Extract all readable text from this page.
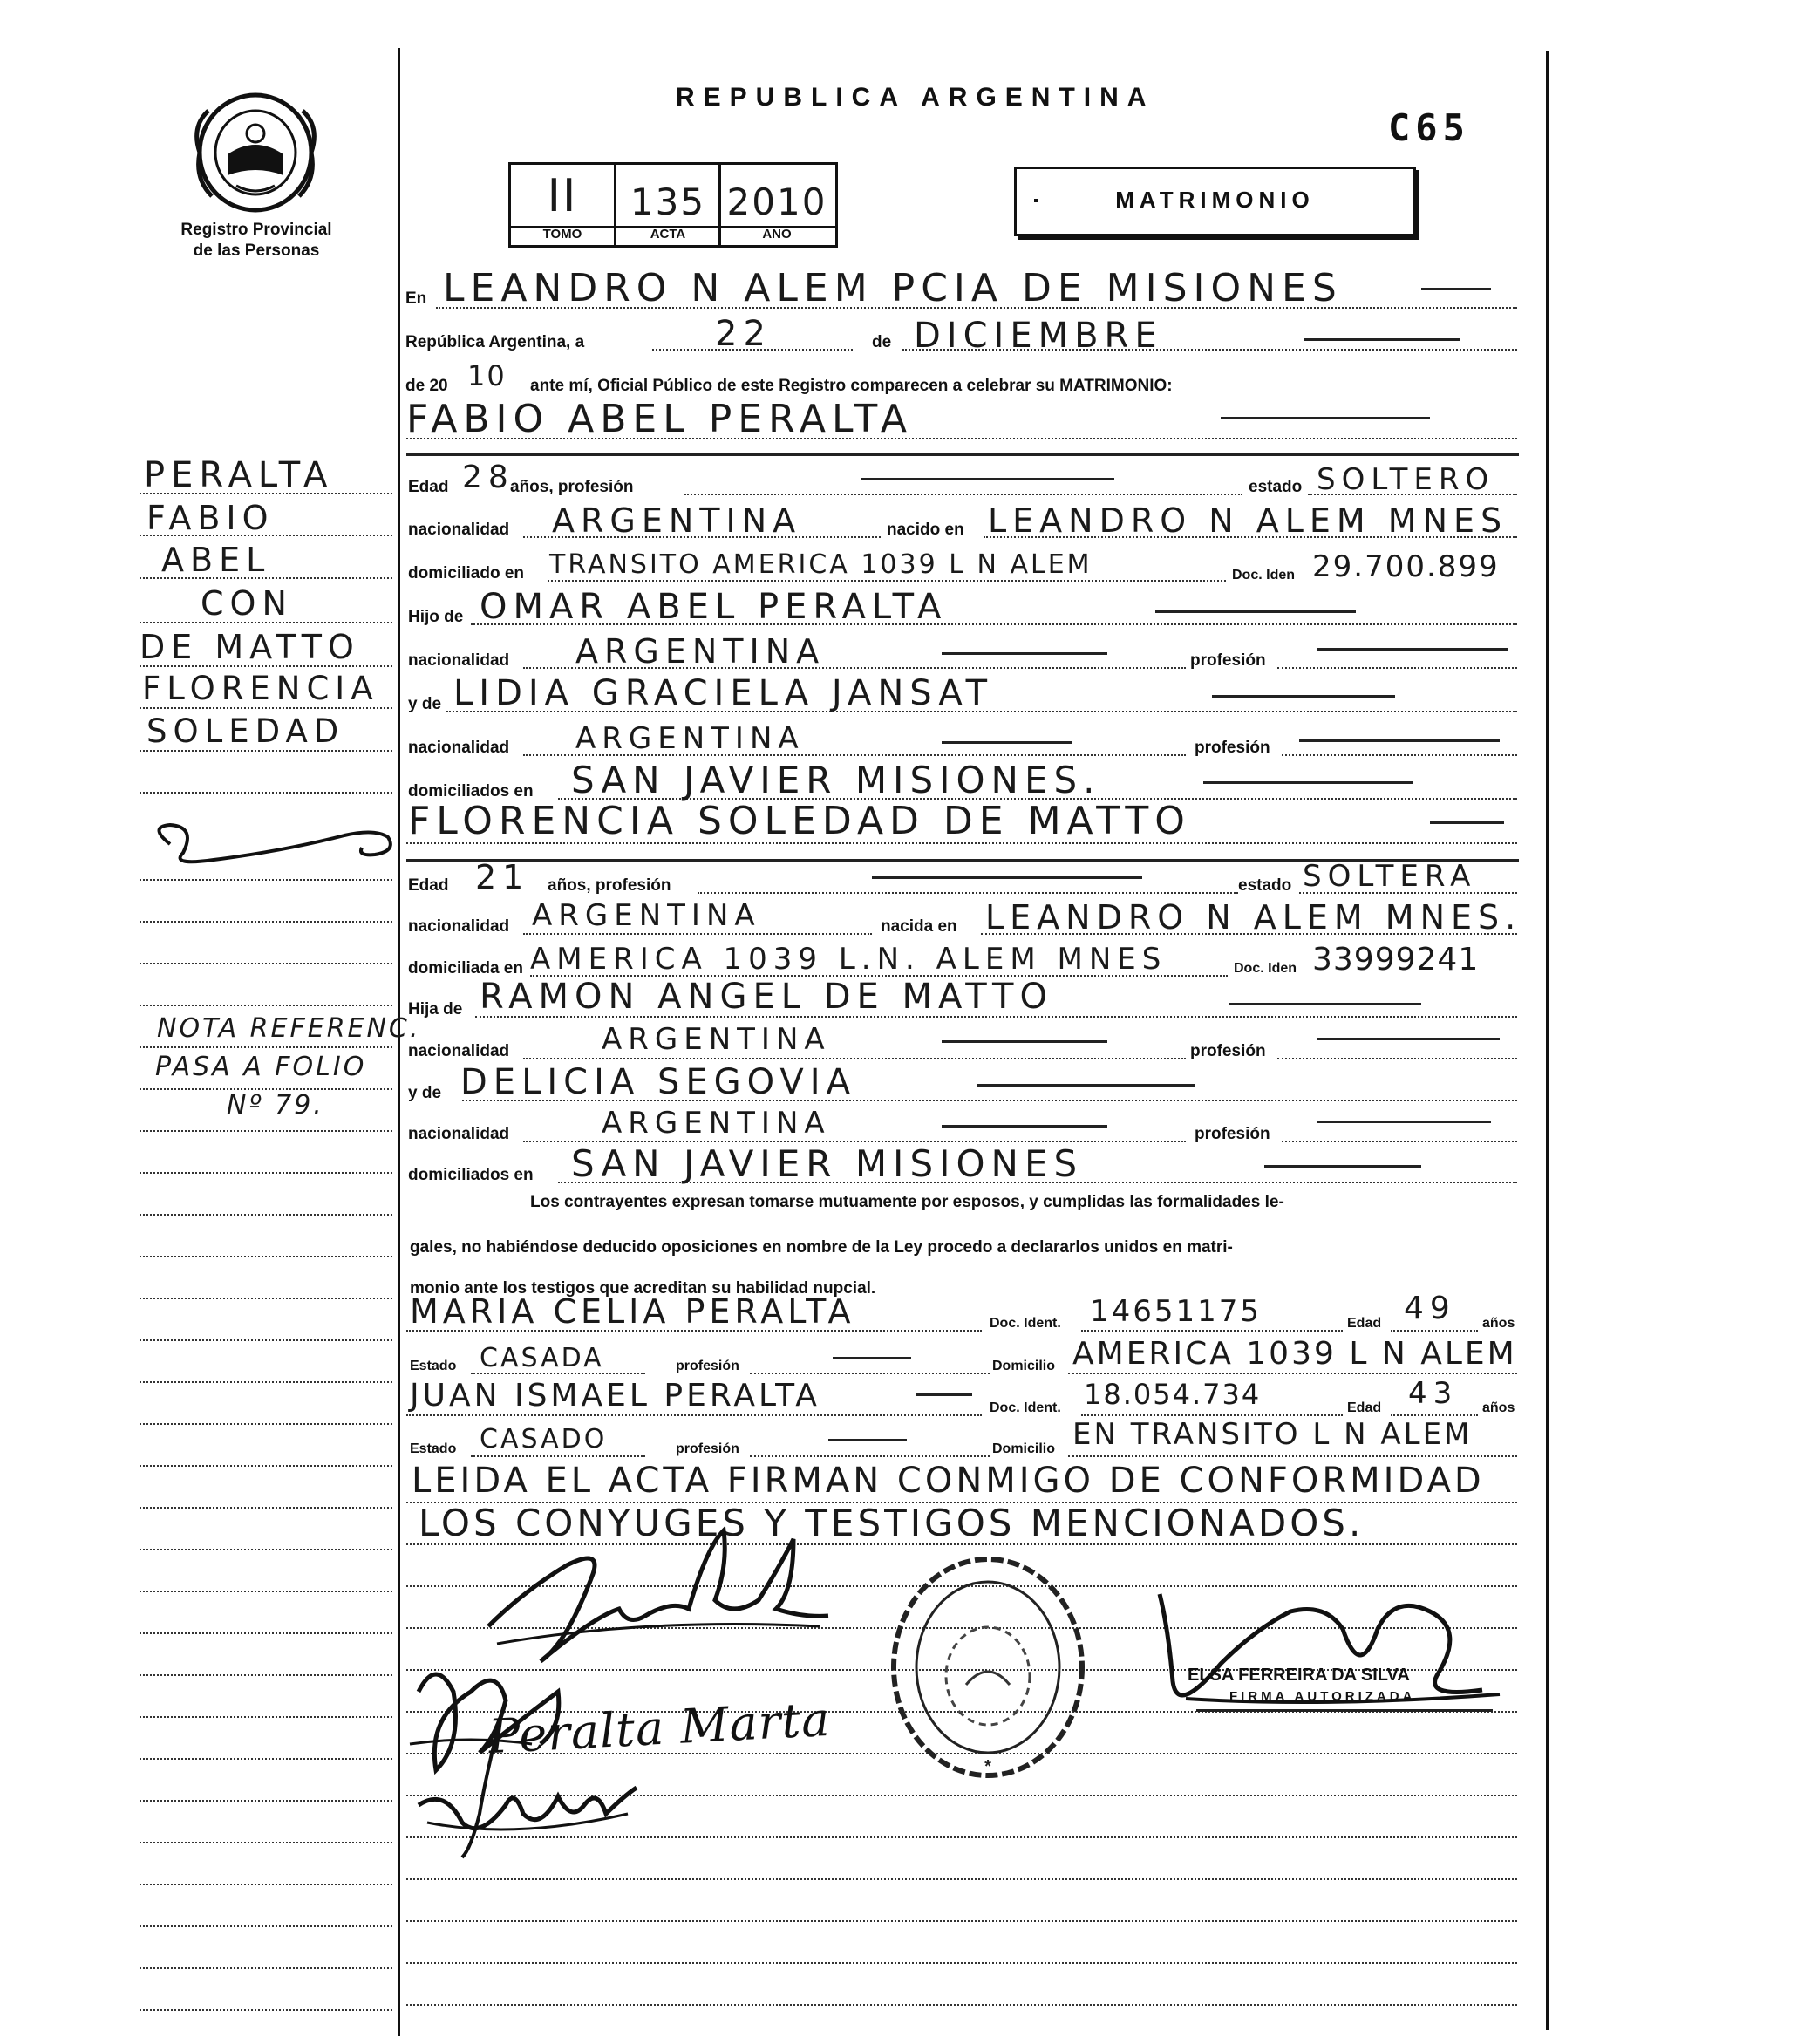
Registro Provincial
de las Personas
REPUBLICA ARGENTINA
C65
II	135 2010
TOMO	ACTA	AÑO
MATRIMONIO
PERALTA
FABIO
ABEL
CON
DE MATTO
FLORENCIA
SOLEDAD
NOTA REFERENC.
PASA A FOLIO
Nº 79.
En LEANDRO N ALEM PCIA DE MISIONES
República Argentina, a	22	de DICIEMBRE
de 20 10 ante mí, Oficial Público de este Registro comparecen a celebrar su MATRIMONIO:
FABIO ABEL PERALTA
Edad 28
años, profesión	estado SOLTERO
nacionalidad ARGENTINA	nacido en LEANDRO N ALEM MNES
domiciliado en TRANSITO AMERICA 1039 L N ALEM	Doc. Iden 29.700.899
Hijo de OMAR ABEL PERALTA
nacionalidad ARGENTINA	profesión
y de LIDIA GRACIELA JANSAT
nacionalidad ARGENTINA	profesión
domiciliados en SAN JAVIER MISIONES.
FLORENCIA SOLEDAD DE MATTO
Edad 21 años, profesión	estado SOLTERA
nacionalidad ARGENTINA	nacida en LEANDRO N ALEM MNES.
domiciliada en AMERICA 1039 L.N. ALEM MNES	Doc. Iden 33999241
Hija de RAMON ANGEL DE MATTO
nacionalidad	ARGENTINA	profesión
y de DELICIA SEGOVIA
nacionalidad	ARGENTINA	profesión
domiciliados en SAN JAVIER MISIONES
Los contrayentes expresan tomarse mutuamente por esposos, y cumplidas las formalidades le-
gales, no habiéndose deducido oposiciones en nombre de la Ley procedo a declararlos unidos en matri-
monio ante los testigos que acreditan su habilidad nupcial.
MARIA CELIA PERALTA	Doc. Ident. 14651175	Edad 49 años
Estado CASADA	profesión	Domicilio AMERICA 1039 L N ALEM
JUAN ISMAEL PERALTA	Doc. Ident. 18.054.734	Edad 43 años
Estado CASADO	profesión	Domicilio EN TRANSITO L N ALEM
LEIDA EL ACTA FIRMAN CONMIGO DE CONFORMIDAD
LOS CONYUGES Y TESTIGOS MENCIONADOS.
Peralta Marta
*
ELSA FERREIRA DA SILVA
FIRMA AUTORIZADA
